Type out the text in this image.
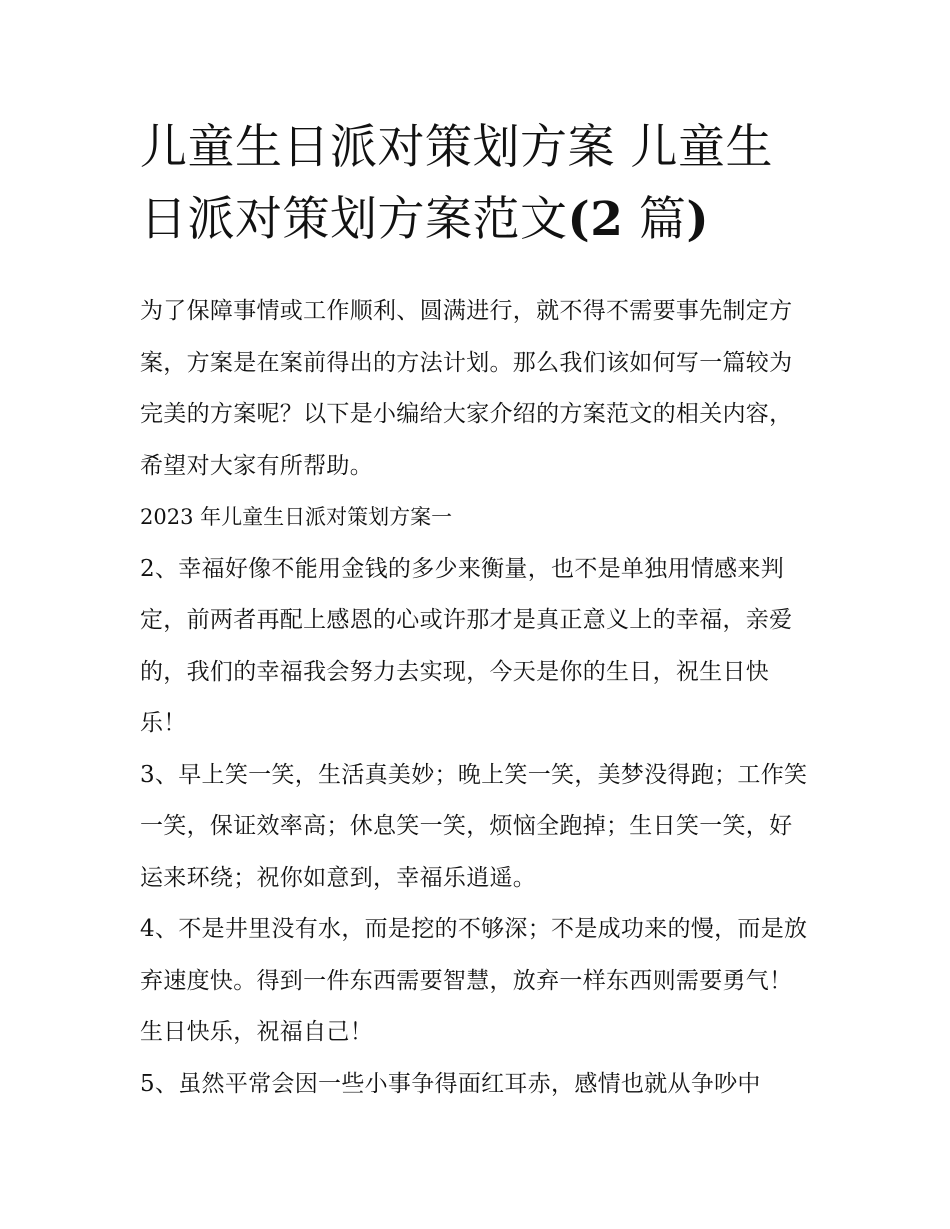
儿童生日派对策划方案 儿童生日派对策划方案范文(2 篇)

为了保障事情或工作顺利、圆满进行，就不得不需要事先制定方案，方案是在案前得出的方法计划。那么我们该如何写一篇较为完美的方案呢？以下是小编给大家介绍的方案范文的相关内容，希望对大家有所帮助。

2023 年儿童生日派对策划方案一

2、幸福好像不能用金钱的多少来衡量，也不是单独用情感来判定，前两者再配上感恩的心或许那才是真正意义上的幸福，亲爱的，我们的幸福我会努力去实现，今天是你的生日，祝生日快乐！

3、早上笑一笑，生活真美妙；晚上笑一笑，美梦没得跑；工作笑一笑，保证效率高；休息笑一笑，烦恼全跑掉；生日笑一笑，好运来环绕；祝你如意到，幸福乐逍遥。

4、不是井里没有水，而是挖的不够深；不是成功来的慢，而是放弃速度快。得到一件东西需要智慧，放弃一样东西则需要勇气！生日快乐，祝福自己！

5、虽然平常会因一些小事争得面红耳赤，感情也就从争吵中
